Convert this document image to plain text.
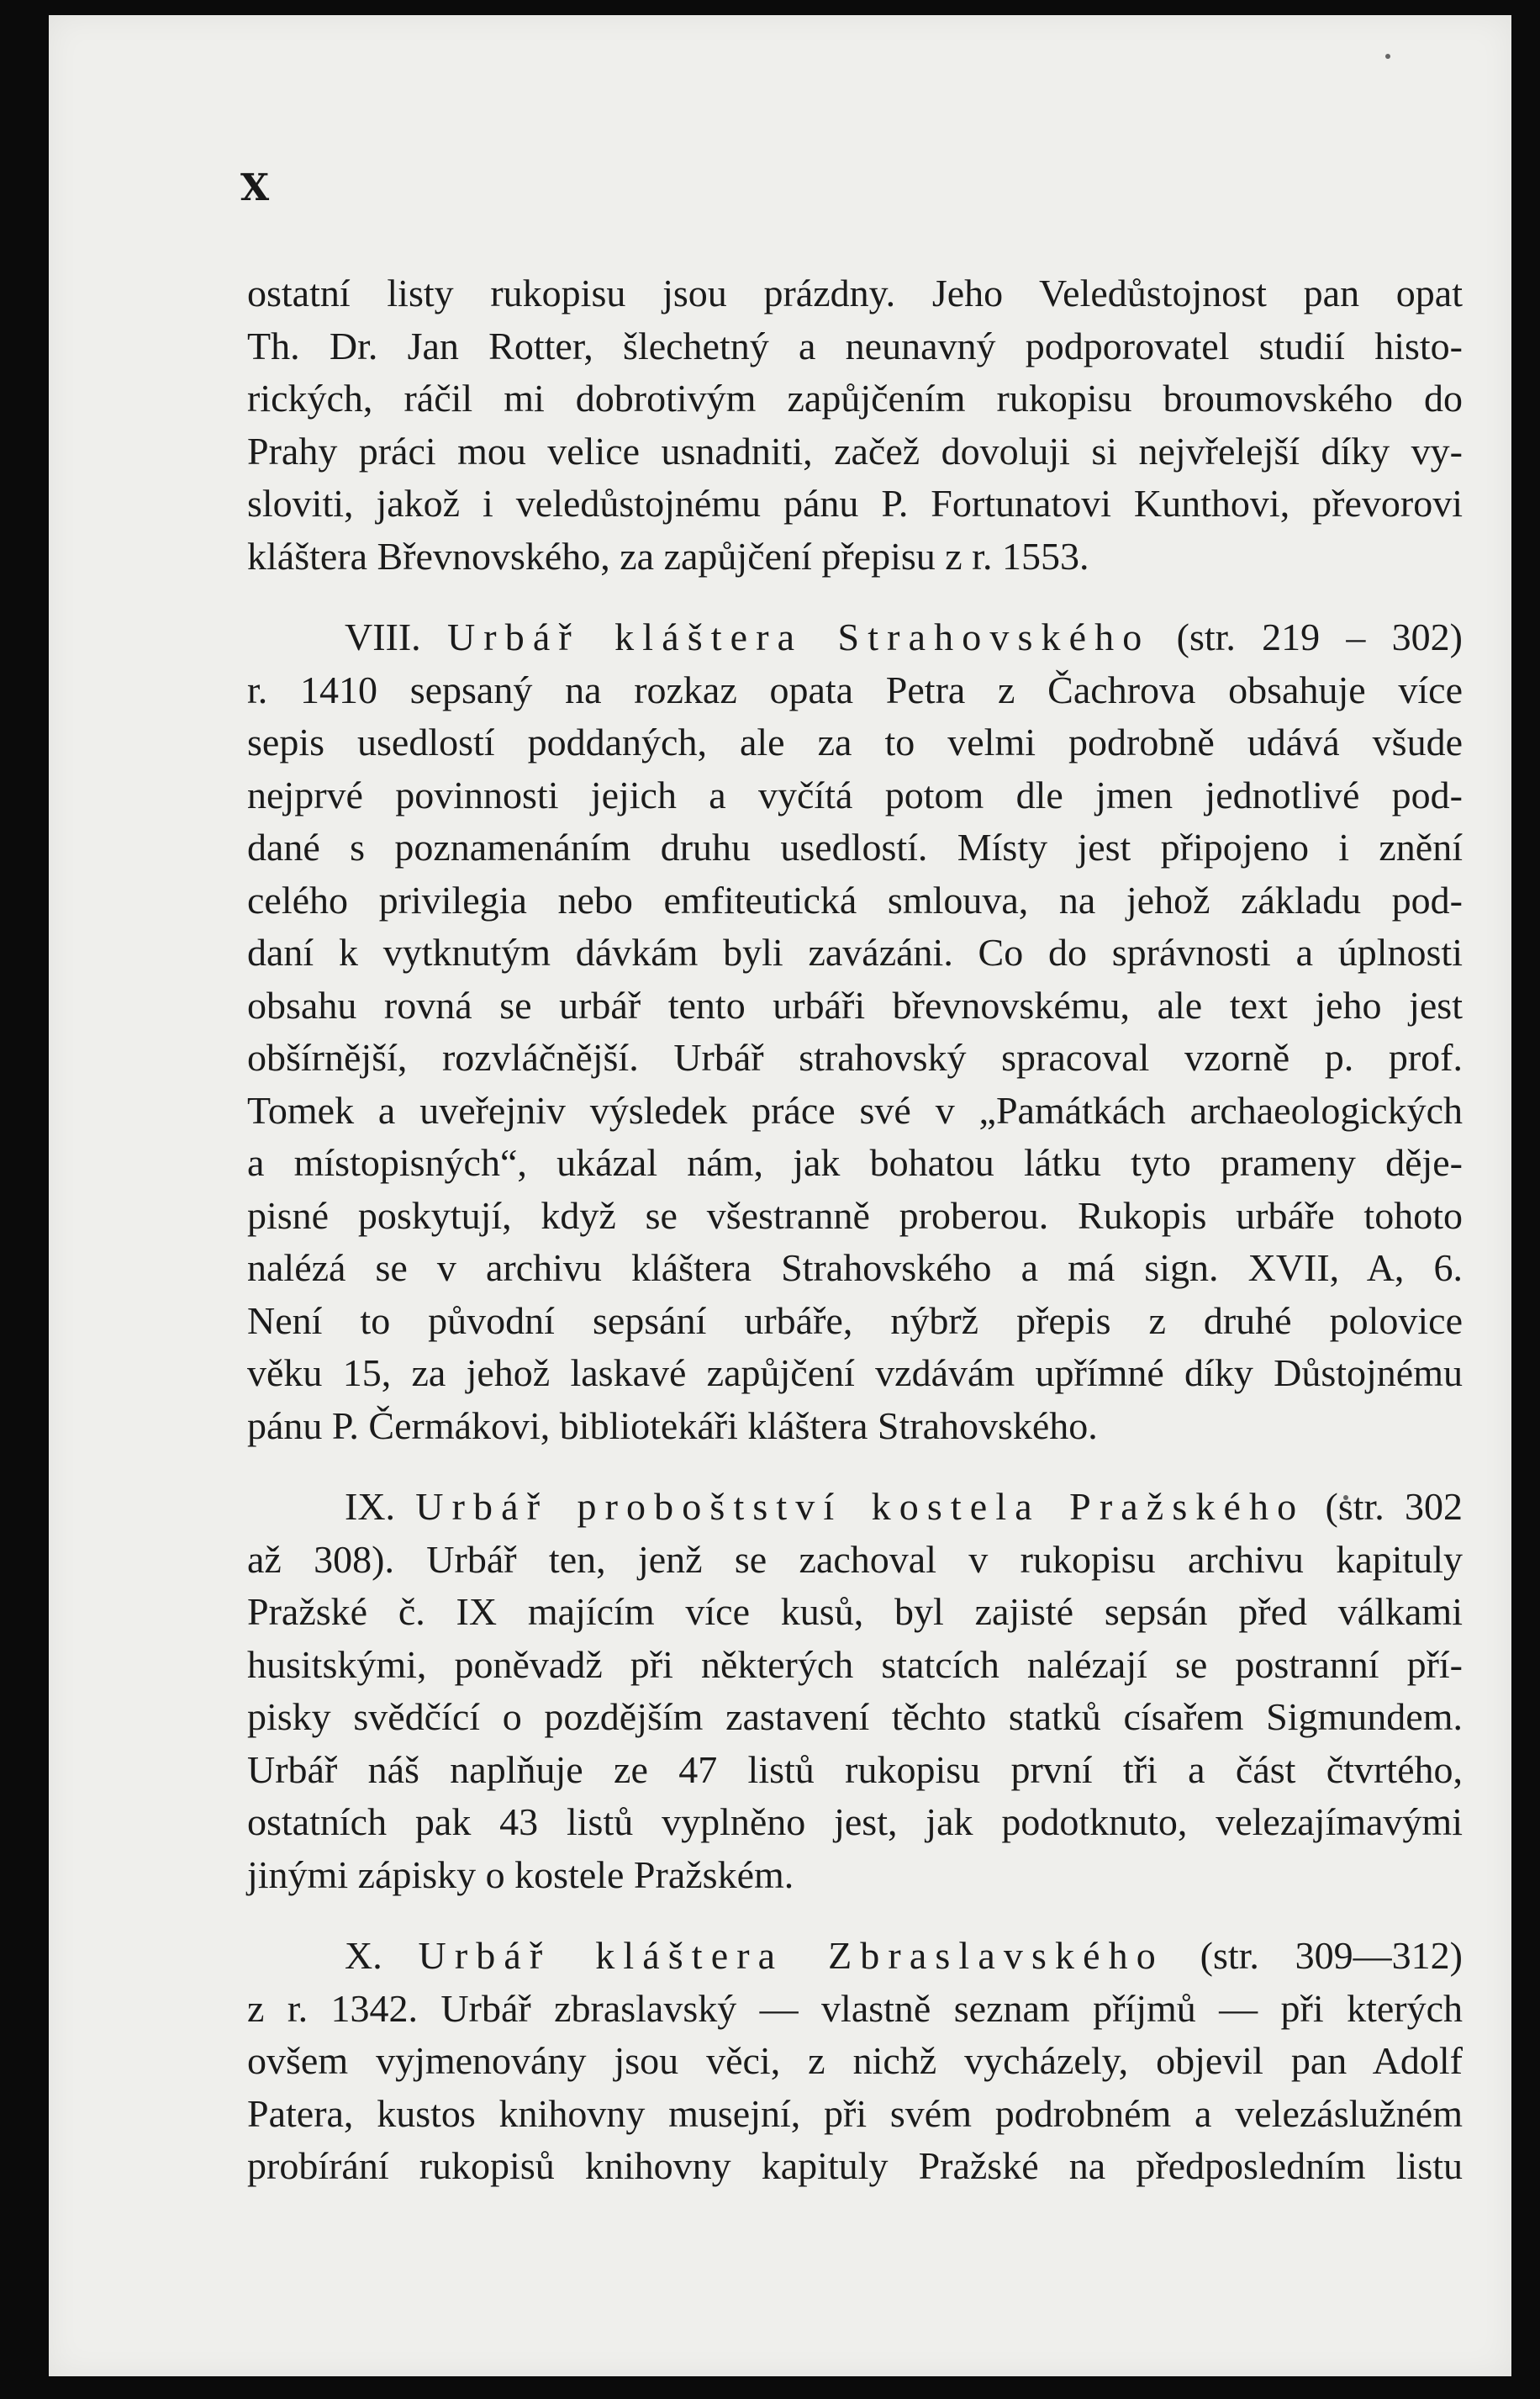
X

ostatní listy rukopisu jsou prázdny. Jeho Veledůstojnost pan opat
Th. Dr. Jan Rotter, šlechetný a neunavný podporovatel studií histo-
rických, ráčil mi dobrotivým zapůjčením rukopisu broumovského do
Prahy práci mou velice usnadniti, začež dovoluji si nejvřelejší díky vy-
sloviti, jakož i veledůstojnému pánu P. Fortunatovi Kunthovi, převorovi
kláštera Břevnovského, za zapůjčení přepisu z r. 1553.

VIII. Urbář kláštera Strahovského (str. 219 – 302)
r. 1410 sepsaný na rozkaz opata Petra z Čachrova obsahuje více
sepis usedlostí poddaných, ale za to velmi podrobně udává všude
nejprvé povinnosti jejich a vyčítá potom dle jmen jednotlivé pod-
dané s poznamenáním druhu usedlostí. Místy jest připojeno i znění
celého privilegia nebo emfiteutická smlouva, na jehož základu pod-
daní k vytknutým dávkám byli zavázáni. Co do správnosti a úplnosti
obsahu rovná se urbář tento urbáři břevnovskému, ale text jeho jest
obšírnější, rozvláčnější. Urbář strahovský spracoval vzorně p. prof.
Tomek a uveřejniv výsledek práce své v „Památkách archaeologických
a místopisných“, ukázal nám, jak bohatou látku tyto prameny dějе-
pisné poskytují, když se všestranně proberou. Rukopis urbáře tohoto
nalézá se v archivu kláštera Strahovského a má sign. XVII, A, 6.
Není to původní sepsání urbáře, nýbrž přepis z druhé polovice
věku 15, za jehož laskavé zapůjčení vzdávám upřímné díky Důstojnému
pánu P. Čermákovi, bibliotekáři kláštera Strahovského.

IX. Urbář proboštství kostela Pražského (str. 302
až 308). Urbář ten, jenž se zachoval v rukopisu archivu kapituly
Pražské č. IX majícím více kusů, byl zajisté sepsán před válkami
husitskými, poněvadž při některých statcích nalézají se postranní pří-
pisky svědčící o pozdějším zastavení těchto statků císařem Sigmundem.
Urbář náš naplňuje ze 47 listů rukopisu první tři a část čtvrtého,
ostatních pak 43 listů vyplněno jest, jak podotknuto, velezajímavými
jinými zápisky o kostele Pražském.

X. Urbář kláštera Zbraslavského (str. 309—312)
z r. 1342. Urbář zbraslavský — vlastně seznam příjmů — při kterých
ovšem vyjmenovány jsou věci, z nichž vycházely, objevil pan Adolf
Patera, kustos knihovny musejní, při svém podrobném a velezáslužném
probírání rukopisů knihovny kapituly Pražské na předposledním listu
